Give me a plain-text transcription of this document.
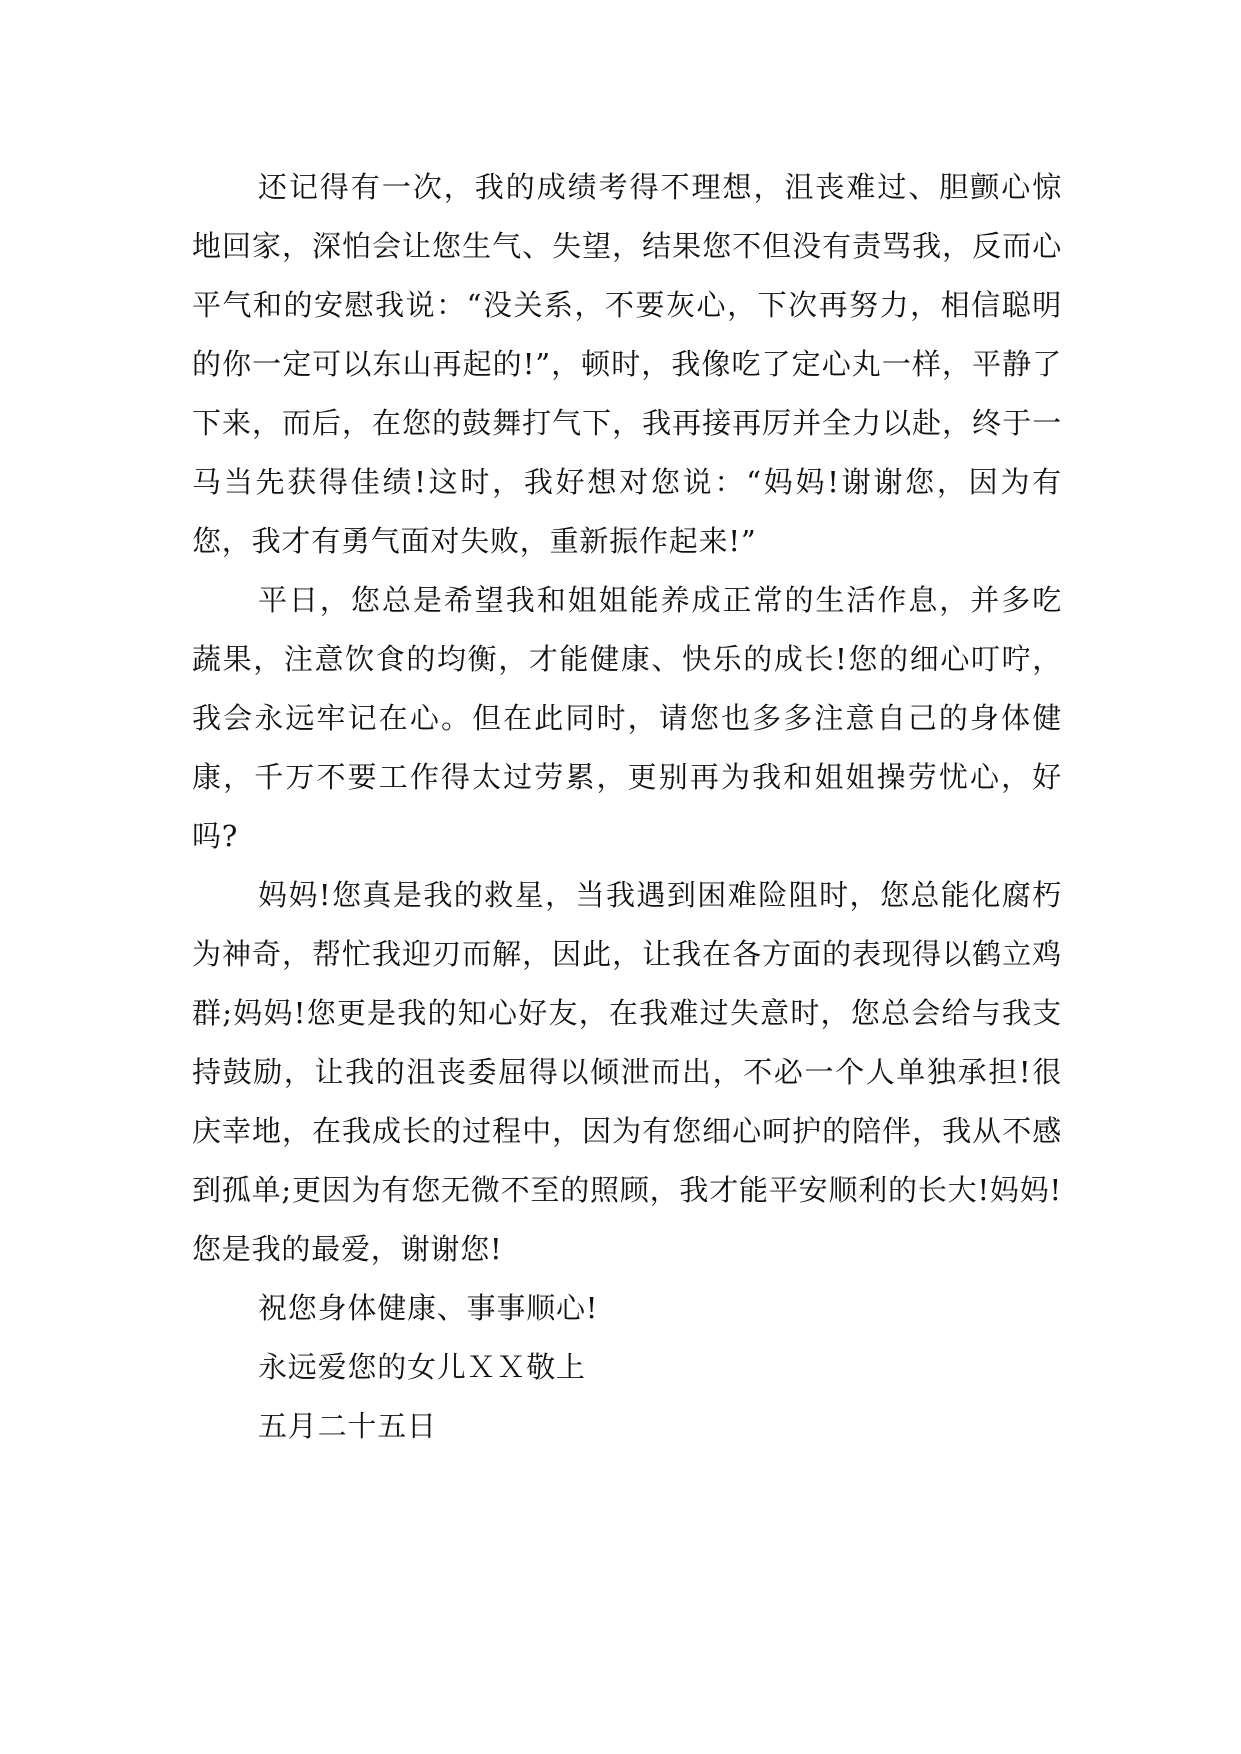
还记得有一次，我的成绩考得不理想，沮丧难过、胆颤心惊地回家，深怕会让您生气、失望，结果您不但没有责骂我，反而心平气和的安慰我说：“没关系，不要灰心，下次再努力，相信聪明的你一定可以东山再起的!”，顿时，我像吃了定心丸一样，平静了下来，而后，在您的鼓舞打气下，我再接再厉并全力以赴，终于一 马当先获得佳绩!这时，我好想对您说：“妈妈!谢谢您，因为有您，我才有勇气面对失败，重新振作起来!”

平日，您总是希望我和姐姐能养成正常的生活作息，并多吃蔬果，注意饮食的均衡，才能健康、快乐的成长!您的细心叮咛，我会永远牢记在心。但在此同时，请您也多多注意自己的身体健康，千万不要工作得太过劳累，更别再为我和姐姐操劳忧心，好吗?

妈妈!您真是我的救星，当我遇到困难险阻时，您总能化腐朽为神奇，帮忙我迎刃而解，因此，让我在各方面的表现得以鹤立鸡群;妈妈!您更是我的知心好友，在我难过失意时，您总会给与我支持鼓励，让我的沮丧委屈得以倾泄而出，不必一个人单独承担!很庆幸地，在我成长的过程中，因为有您细心呵护的陪伴，我从不感到孤单;更因为有您无微不至的照顾，我才能平安顺利的长大!妈妈!您是我的最爱，谢谢您!

祝您身体健康、事事顺心!

永远爱您的女儿ＸＸ敬上

五月二十五日
